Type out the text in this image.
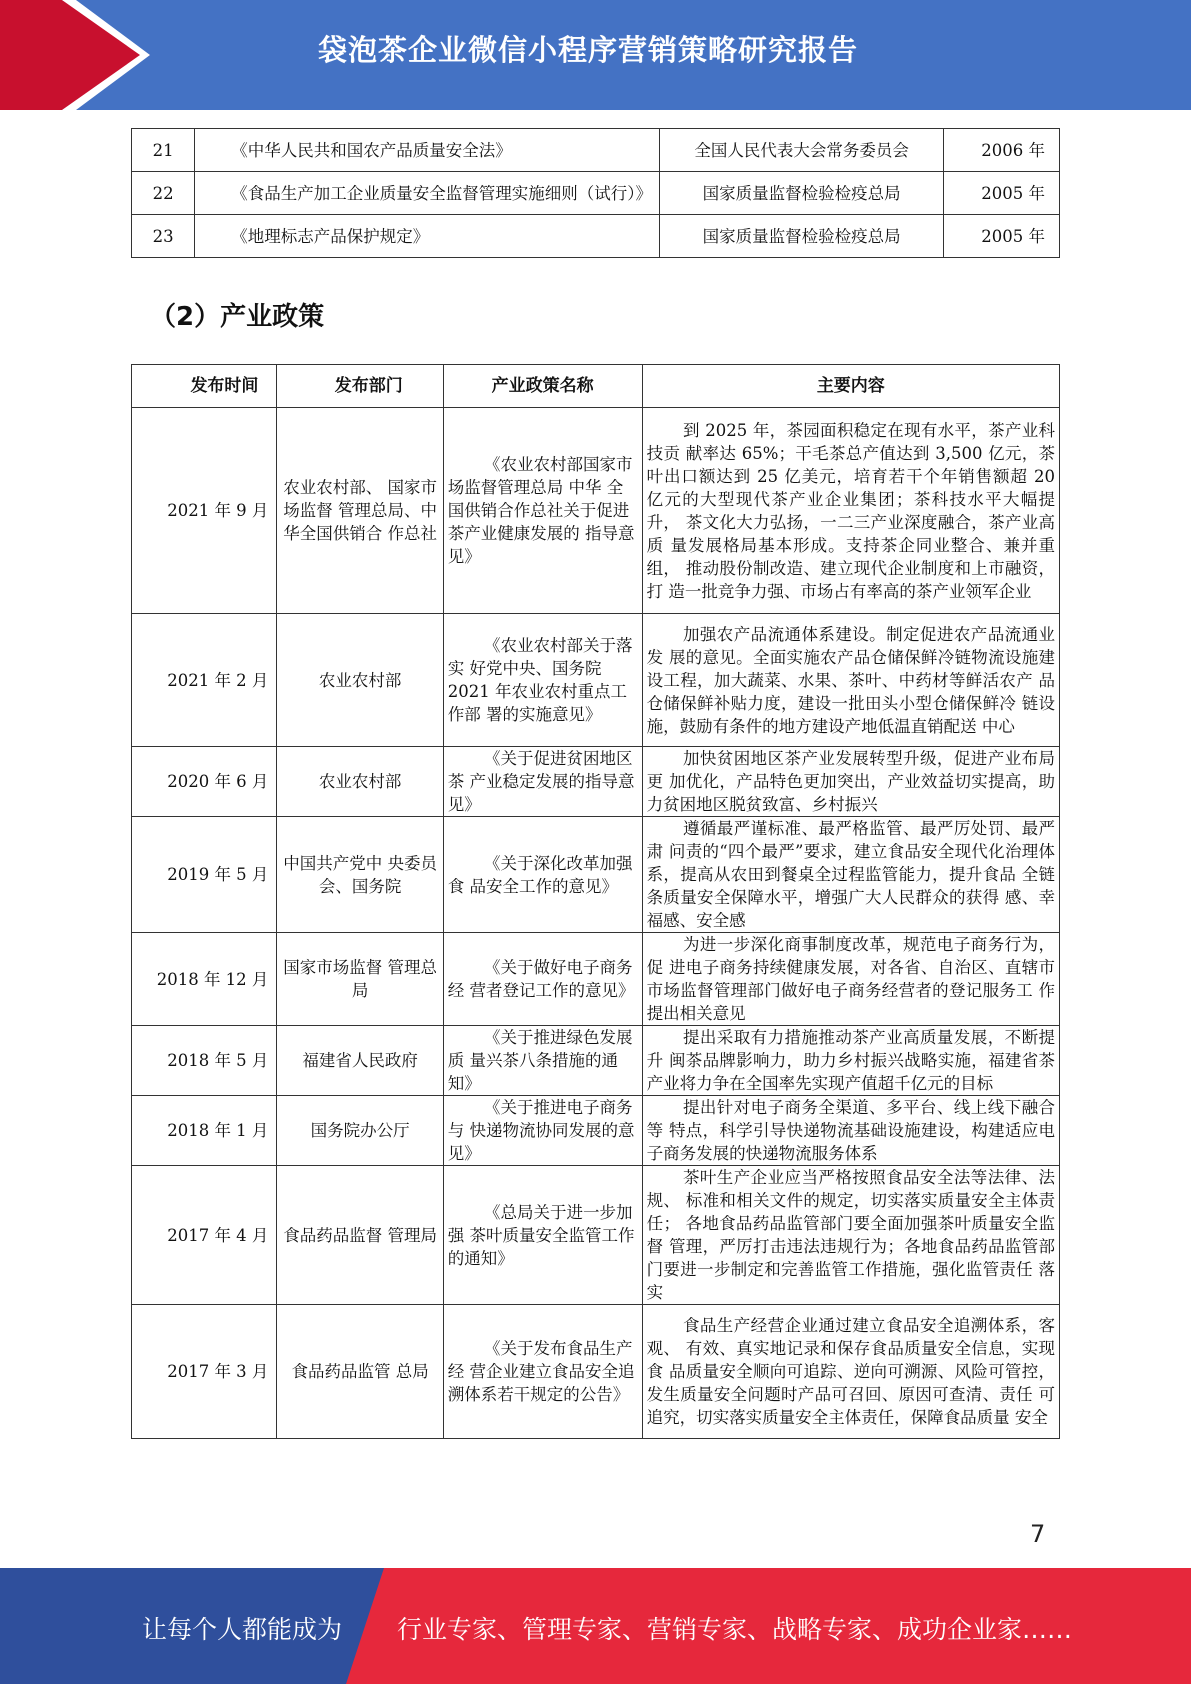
袋泡茶企业微信小程序营销策略研究报告
21	《中华人民共和国农产品质量安全法》	全国人民代表大会常务委员会	2006 年
22	《食品生产加工企业质量安全监督管理实施细则（试行）》	国家质量监督检验检疫总局	2005 年
23	《地理标志产品保护规定》	国家质量监督检验检疫总局	2005 年
（2）产业政策
发布时间	发布部门	产业政策名称	主要内容
2021 年 9 月	农业农村部、 国家市场监督 管理总局、中华全国供销合 作总社	《农业农村部国家市场监督管理总局 中华 全国供销合作总社关于促进茶产业健康发展的 指导意见》	到 2025 年，茶园面积稳定在现有水平，茶产业科技贡 献率达 65%；干毛茶总产值达到 3,500 亿元，茶叶出口额达到 25 亿美元，培育若干个年销售额超 20 亿元的大型现代茶产业企业集团；茶科技水平大幅提升， 茶文化大力弘扬，一二三产业深度融合，茶产业高质 量发展格局基本形成。支持茶企同业整合、兼并重组， 推动股份制改造、建立现代企业制度和上市融资，打 造一批竞争力强、市场占有率高的茶产业领军企业
2021 年 2 月	农业农村部	《农业农村部关于落实 好党中央、国务院 2021 年农业农村重点工作部 署的实施意见》	加强农产品流通体系建设。制定促进农产品流通业发 展的意见。全面实施农产品仓储保鲜冷链物流设施建设工程，加大蔬菜、水果、茶叶、中药材等鲜活农产 品仓储保鲜补贴力度，建设一批田头小型仓储保鲜冷 链设施，鼓励有条件的地方建设产地低温直销配送 中心
2020 年 6 月	农业农村部	《关于促进贫困地区茶 产业稳定发展的指导意 见》	加快贫困地区茶产业发展转型升级，促进产业布局更 加优化，产品特色更加突出，产业效益切实提高，助力贫困地区脱贫致富、乡村振兴
2019 年 5 月	中国共产党中 央委员会、国务院	《关于深化改革加强食 品安全工作的意见》	遵循最严谨标准、最严格监管、最严厉处罚、最严肃 问责的“四个最严”要求，建立食品安全现代化治理体系，提高从农田到餐桌全过程监管能力，提升食品 全链条质量安全保障水平，增强广大人民群众的获得 感、幸福感、安全感
2018 年 12 月	国家市场监督 管理总局	《关于做好电子商务经 营者登记工作的意见》	为进一步深化商事制度改革，规范电子商务行为，促 进电子商务持续健康发展，对各省、自治区、直辖市市场监督管理部门做好电子商务经营者的登记服务工 作提出相关意见
2018 年 5 月	福建省人民政府	《关于推进绿色发展质 量兴茶八条措施的通知》	提出采取有力措施推动茶产业高质量发展，不断提升 闽茶品牌影响力，助力乡村振兴战略实施，福建省茶产业将力争在全国率先实现产值超千亿元的目标
2018 年 1 月	国务院办公厅	《关于推进电子商务与 快递物流协同发展的意 见》	提出针对电子商务全渠道、多平台、线上线下融合等 特点，科学引导快递物流基础设施建设，构建适应电子商务发展的快递物流服务体系
2017 年 4 月	食品药品监督 管理局	《总局关于进一步加强 茶叶质量安全监管工作 的通知》	茶叶生产企业应当严格按照食品安全法等法律、法规、 标准和相关文件的规定，切实落实质量安全主体责任； 各地食品药品监管部门要全面加强茶叶质量安全监督 管理，严厉打击违法违规行为；各地食品药品监管部门要进一步制定和完善监管工作措施，强化监管责任 落实
2017 年 3 月	食品药品监管 总局	《关于发布食品生产经 营企业建立食品安全追 溯体系若干规定的公告》	食品生产经营企业通过建立食品安全追溯体系，客观、 有效、真实地记录和保存食品质量安全信息，实现食 品质量安全顺向可追踪、逆向可溯源、风险可管控，发生质量安全问题时产品可召回、原因可查清、责任 可追究，切实落实质量安全主体责任，保障食品质量 安全
7
让每个人都能成为 行业专家、管理专家、营销专家、战略专家、成功企业家……
